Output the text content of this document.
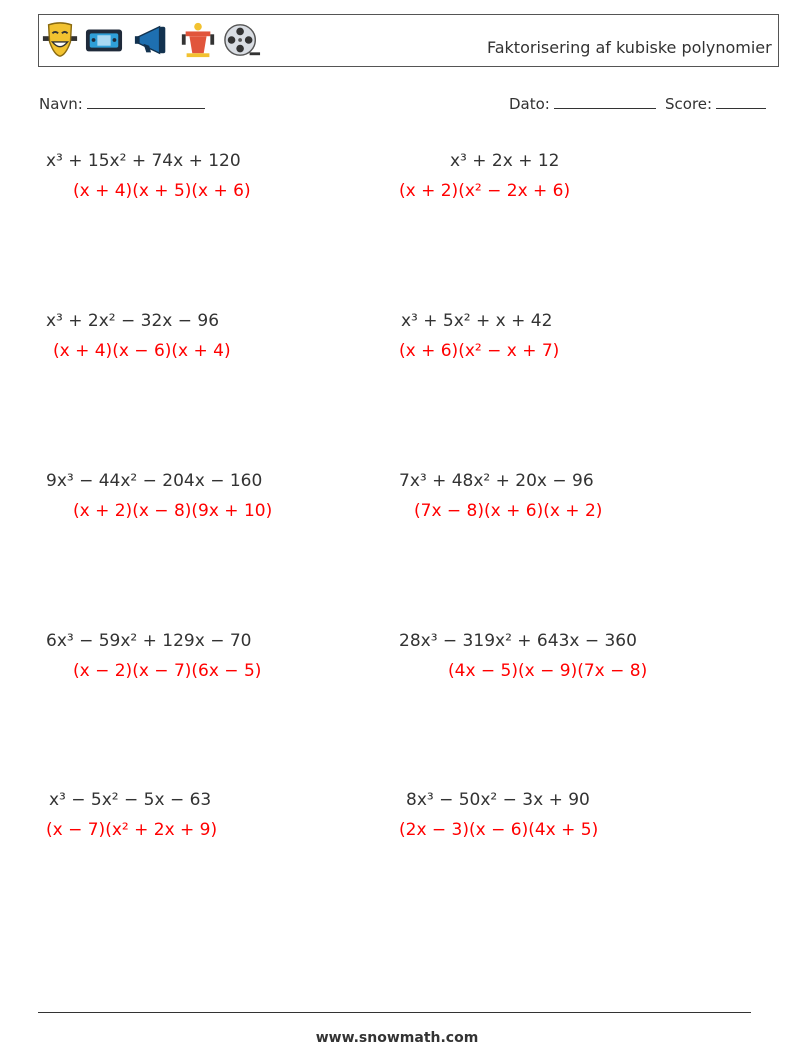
Faktorisering af kubiske polynomier
Navn:	Dato:	Score:
x³ + 15x² + 74x + 120
(x + 4)(x + 5)(x + 6)
x³ + 2x + 12
(x + 2)(x² − 2x + 6)
x³ + 2x² − 32x − 96
(x + 4)(x − 6)(x + 4)
x³ + 5x² + x + 42
(x + 6)(x² − x + 7)
9x³ − 44x² − 204x − 160
(x + 2)(x − 8)(9x + 10)
7x³ + 48x² + 20x − 96
(7x − 8)(x + 6)(x + 2)
6x³ − 59x² + 129x − 70
(x − 2)(x − 7)(6x − 5)
28x³ − 319x² + 643x − 360
(4x − 5)(x − 9)(7x − 8)
x³ − 5x² − 5x − 63
(x − 7)(x² + 2x + 9)
8x³ − 50x² − 3x + 90
(2x − 3)(x − 6)(4x + 5)
www.snowmath.com
